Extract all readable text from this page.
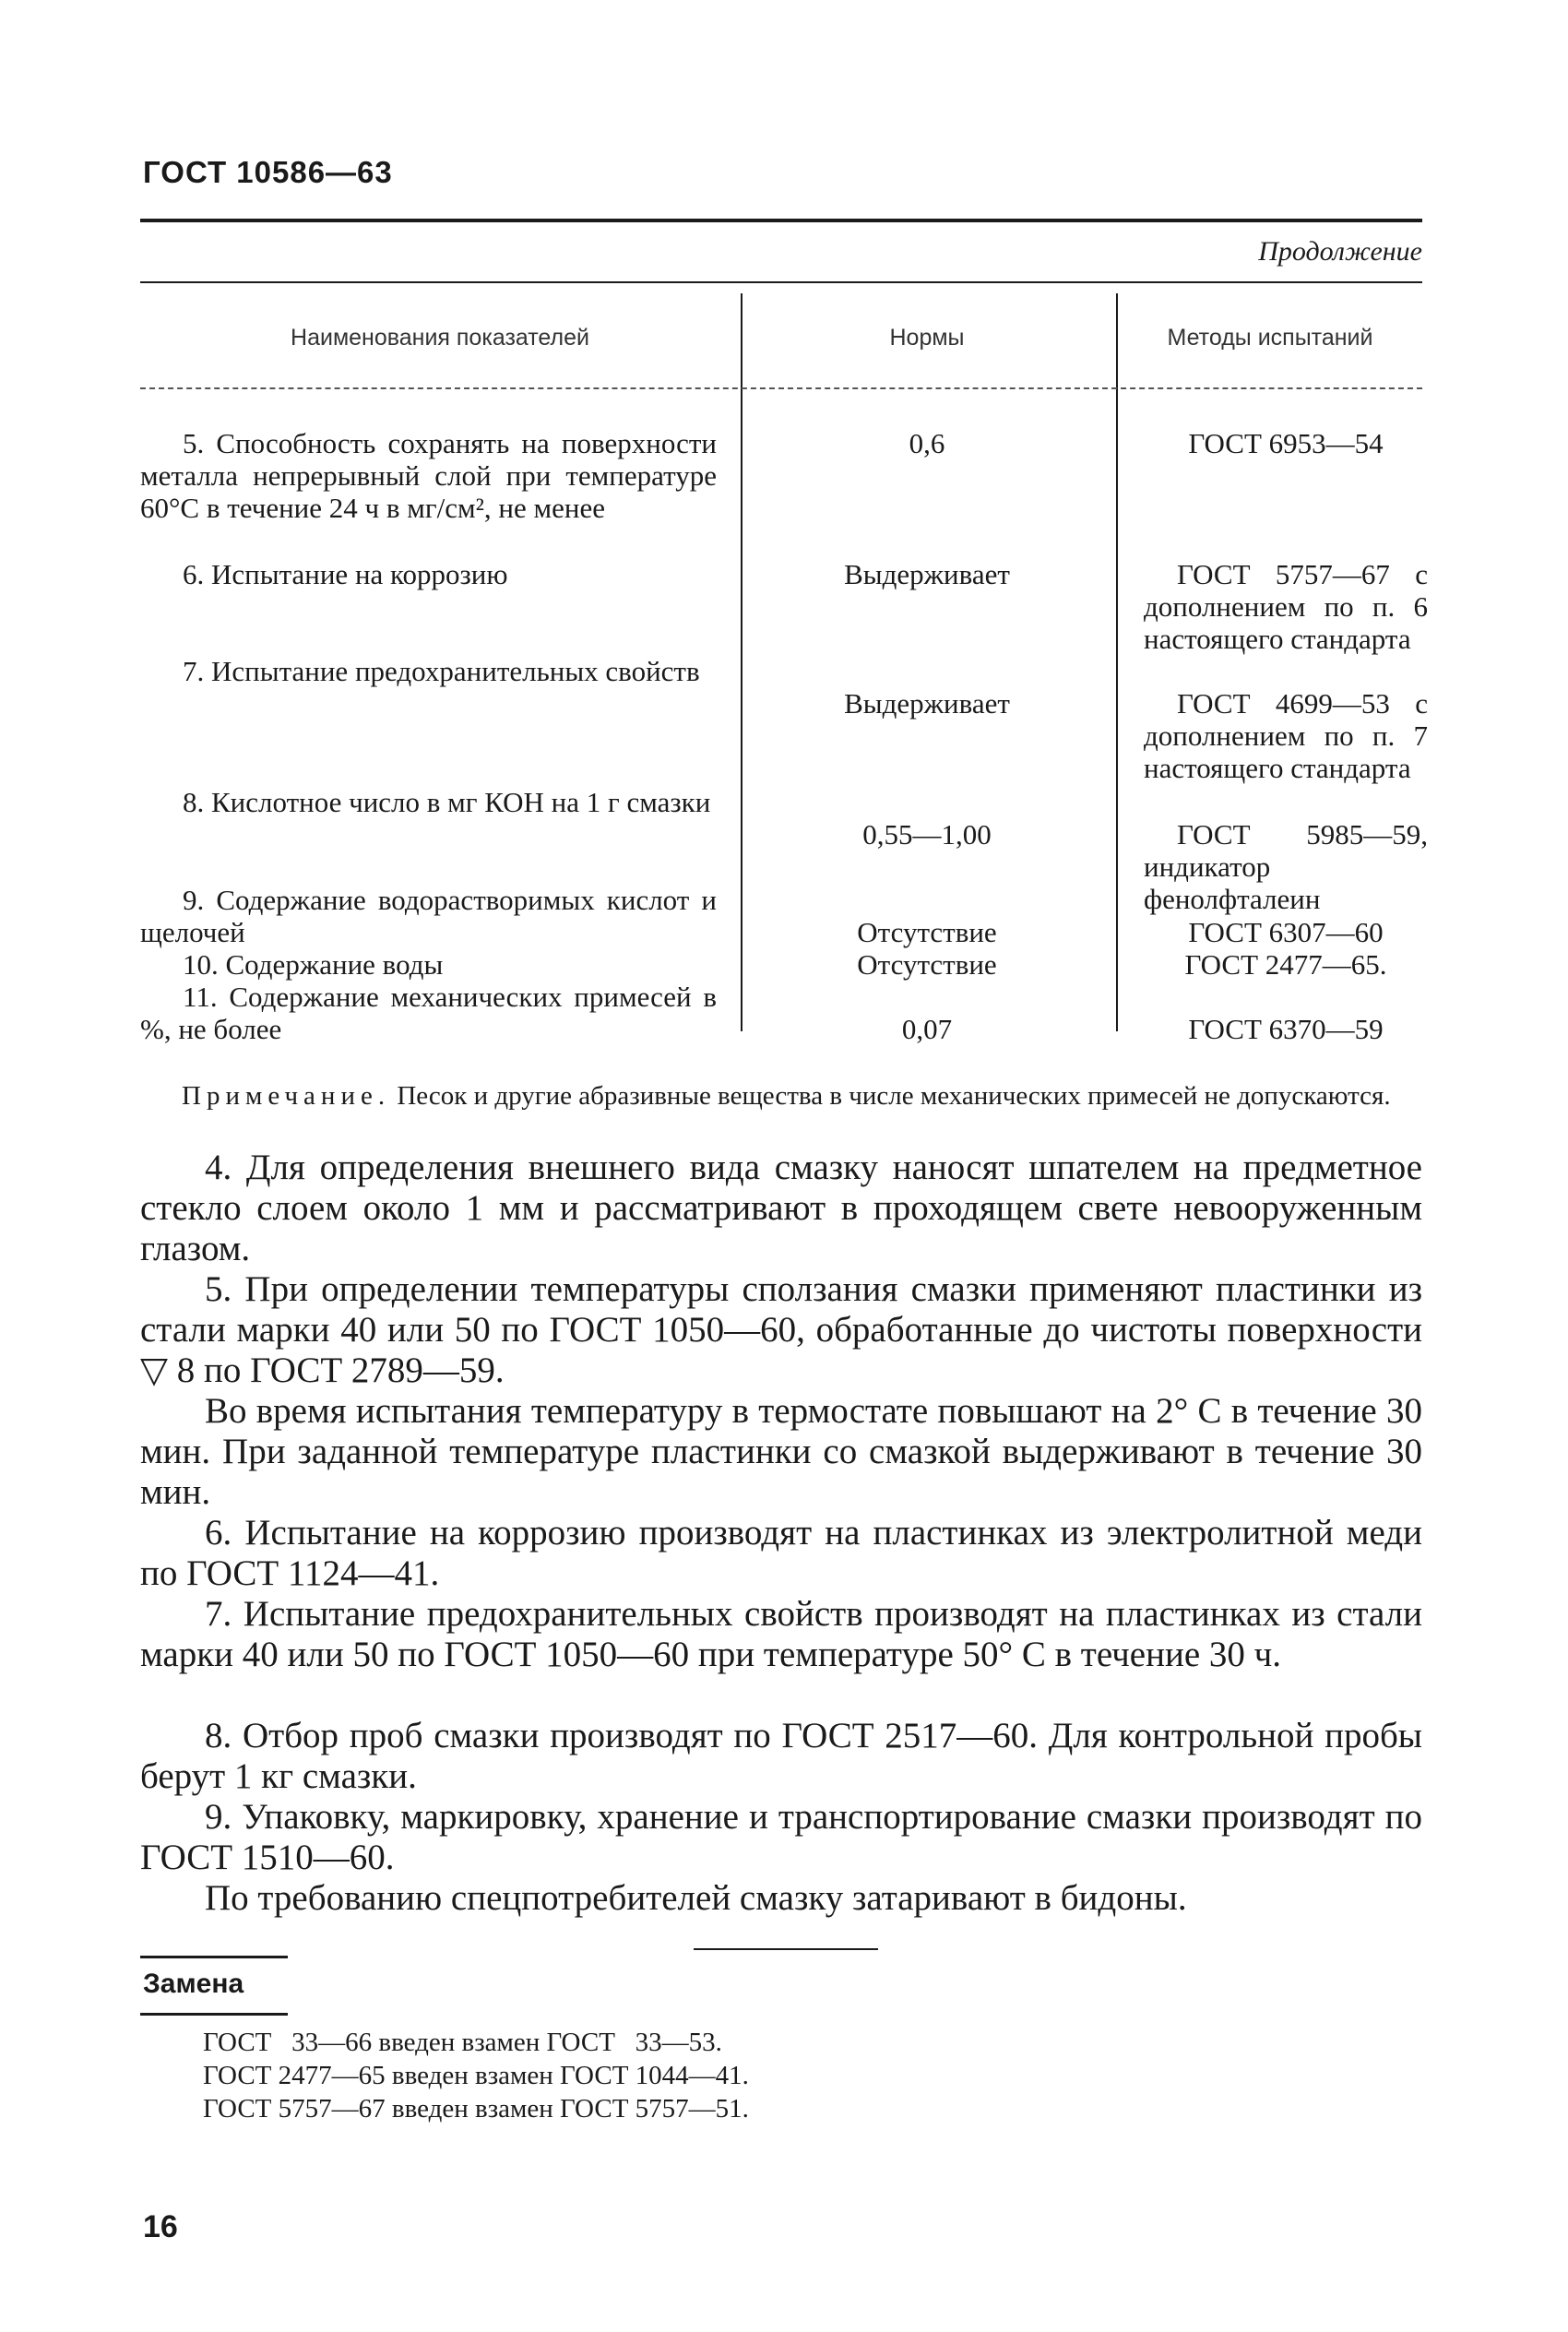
ГОСТ 10586—63
Продолжение
Наименования показателей	Нормы	Методы испытаний
5. Способность сохранять на поверхности металла непрерывный слой при температуре 60°C в течение 24 ч в мг/см², не менее
6. Испытание на коррозию
7. Испытание предохранительных свойств
8. Кислотное число в мг КОН на 1 г смазки
9. Содержание водорастворимых кислот и щелочей
10. Содержание воды
11. Содержание механических примесей в %, не более
0,6
Выдерживает
Выдерживает
0,55—1,00
Отсутствие
Отсутствие
0,07
ГОСТ 6953—54
ГОСТ 5757—67 с дополнением по п. 6 настоящего стандарта
ГОСТ 4699—53 с дополнением по п. 7 настоящего стандарта
ГОСТ 5985—59, индикатор фенолфталеин
ГОСТ 6307—60
ГОСТ 2477—65.
ГОСТ 6370—59
Примечание. Песок и другие абразивные вещества в числе механических примесей не допускаются.
4. Для определения внешнего вида смазку наносят шпателем на предметное стекло слоем около 1 мм и рассматривают в проходящем свете невооруженным глазом.
5. При определении температуры сползания смазки применяют пластинки из стали марки 40 или 50 по ГОСТ 1050—60, обработанные до чистоты поверхности ▽ 8 по ГОСТ 2789—59.
Во время испытания температуру в термостате повышают на 2° С в течение 30 мин. При заданной температуре пластинки со смазкой выдерживают в течение 30 мин.
6. Испытание на коррозию производят на пластинках из электролитной меди по ГОСТ 1124—41.
7. Испытание предохранительных свойств производят на пластинках из стали марки 40 или 50 по ГОСТ 1050—60 при температуре 50° С в течение 30 ч.
8. Отбор проб смазки производят по ГОСТ 2517—60. Для контрольной пробы берут 1 кг смазки.
9. Упаковку, маркировку, хранение и транспортирование смазки производят по ГОСТ 1510—60.
По требованию спецпотребителей смазку затаривают в бидоны.
Замена
ГОСТ   33—66 введен взамен ГОСТ   33—53.
ГОСТ 2477—65 введен взамен ГОСТ 1044—41.
ГОСТ 5757—67 введен взамен ГОСТ 5757—51.
16
